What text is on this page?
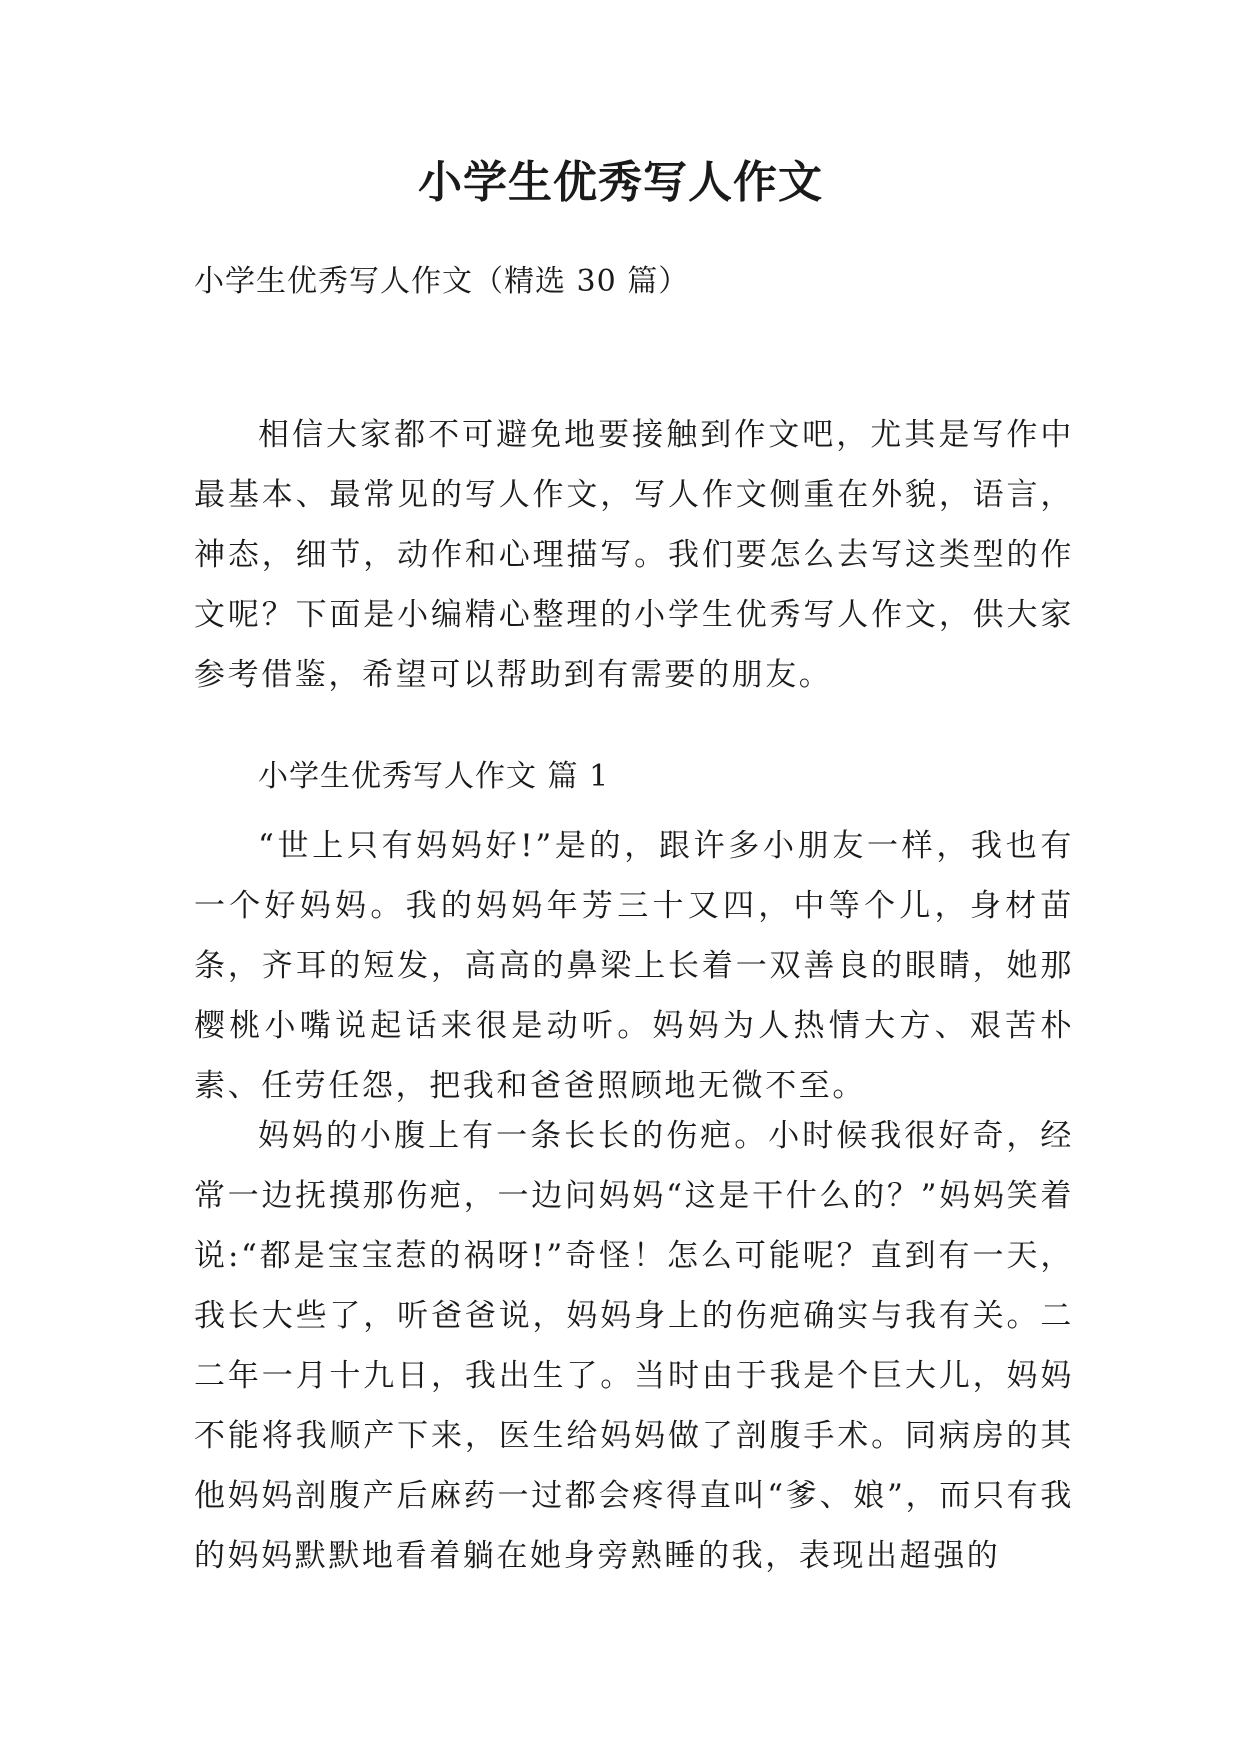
小学生优秀写人作文

小学生优秀写人作文（精选 30 篇）

相信大家都不可避免地要接触到作文吧，尤其是写作中最基本、最常见的写人作文，写人作文侧重在外貌，语言，神态，细节，动作和心理描写。我们要怎么去写这类型的作文呢？下面是小编精心整理的小学生优秀写人作文，供大家参考借鉴，希望可以帮助到有需要的朋友。

小学生优秀写人作文 篇 1

“世上只有妈妈好!”是的，跟许多小朋友一样，我也有一个好妈妈。我的妈妈年芳三十又四，中等个儿，身材苗条，齐耳的短发，高高的鼻梁上长着一双善良的眼睛，她那樱桃小嘴说起话来很是动听。妈妈为人热情大方、艰苦朴素、任劳任怨，把我和爸爸照顾地无微不至。

妈妈的小腹上有一条长长的伤疤。小时候我很好奇，经常一边抚摸那伤疤，一边问妈妈“这是干什么的？”妈妈笑着说:“都是宝宝惹的祸呀!”奇怪！怎么可能呢？直到有一天，我长大些了，听爸爸说，妈妈身上的伤疤确实与我有关。二二年一月十九日，我出生了。当时由于我是个巨大儿，妈妈不能将我顺产下来，医生给妈妈做了剖腹手术。同病房的其他妈妈剖腹产后麻药一过都会疼得直叫“爹、娘”，而只有我的妈妈默默地看着躺在她身旁熟睡的我，表现出超强的
